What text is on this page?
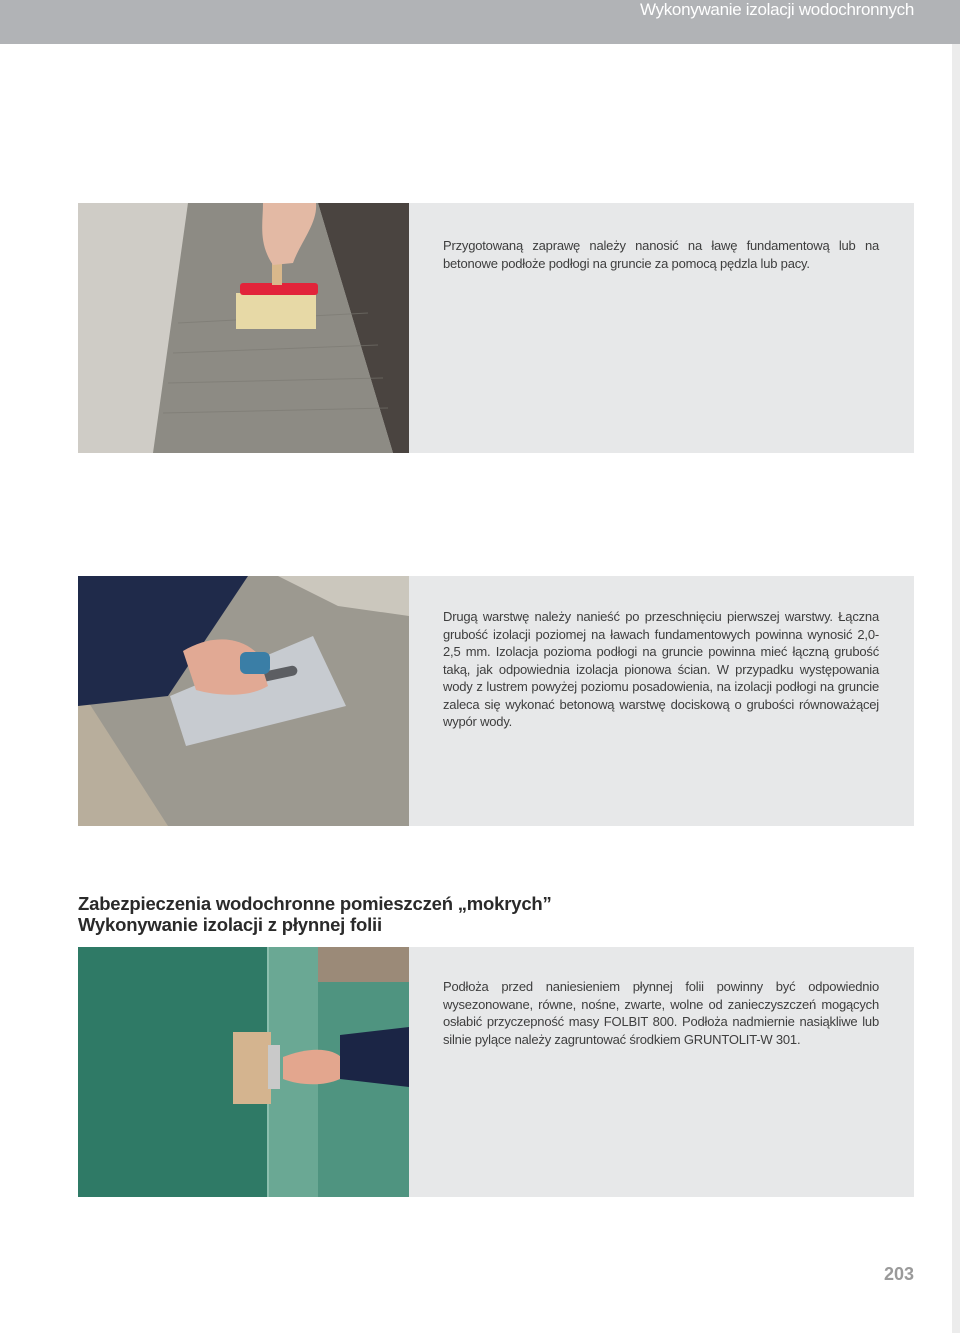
Wykonywanie izolacji wodochronnych
Przygotowaną zaprawę należy nanosić na ławę fundamentową lub na betonowe podłoże podłogi na gruncie za pomocą pędzla lub pacy.
Drugą warstwę należy nanieść po przeschnięciu pierwszej warstwy. Łączna grubość izolacji poziomej na ławach fundamentowych powinna wynosić 2,0-2,5 mm. Izolacja pozioma podłogi na gruncie powinna mieć łączną grubość taką, jak odpowiednia izolacja pionowa ścian. W przypadku występowania wody z lustrem powyżej poziomu posadowienia, na izolacji podłogi na gruncie zaleca się wykonać betonową warstwę dociskową o grubości równoważącej wypór wody.
Zabezpieczenia wodochronne pomieszczeń „mokrych”
Wykonywanie izolacji z płynnej folii
Podłoża przed naniesieniem płynnej folii powinny być odpowiednio wysezonowane, równe, nośne, zwarte, wolne od zanieczyszczeń mogących osłabić przyczepność masy FOLBIT 800. Podłoża nadmiernie nasiąkliwe lub silnie pylące należy zagruntować środkiem GRUNTOLIT-W 301.
203
